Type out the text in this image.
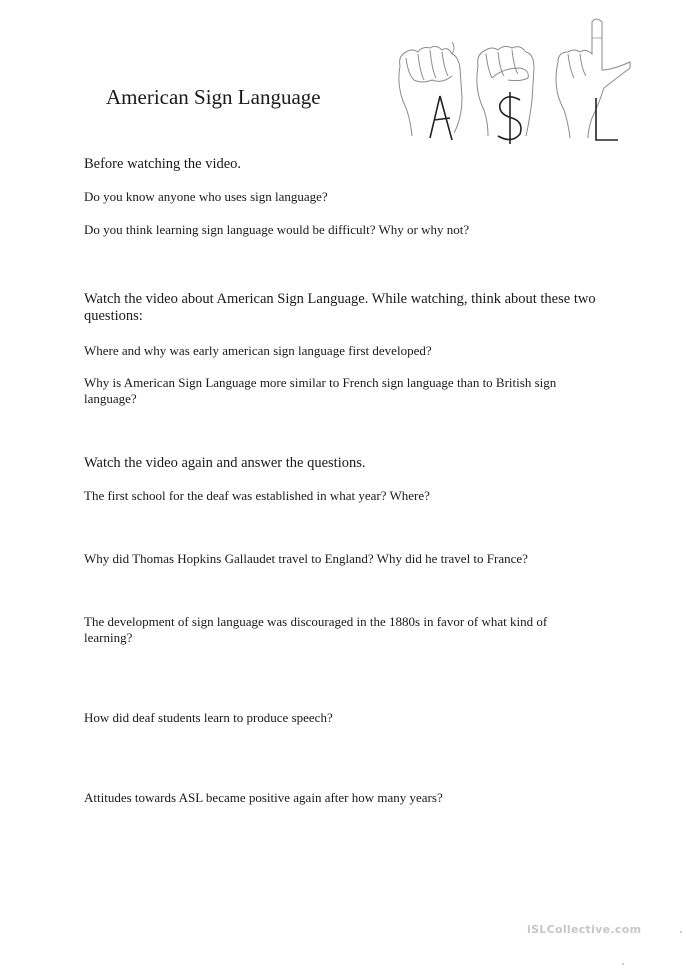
American Sign Language

Before watching the video.

Do you know anyone who uses sign language?

Do you think learning sign language would be difficult? Why or why not?

Watch the video about American Sign Language. While watching, think about these two questions:

Where and why was early american sign language first developed?

Why is American Sign Language more similar to French sign language than to British sign language?

Watch the video again and answer the questions.

The first school for the deaf was established in what year? Where?

Why did Thomas Hopkins Gallaudet travel to England? Why did he travel to France?

The development of sign language was discouraged in the 1880s in favor of what kind of learning?

How did deaf students learn to produce speech?

Attitudes towards ASL became positive again after how many years?

iSLCollective.com
